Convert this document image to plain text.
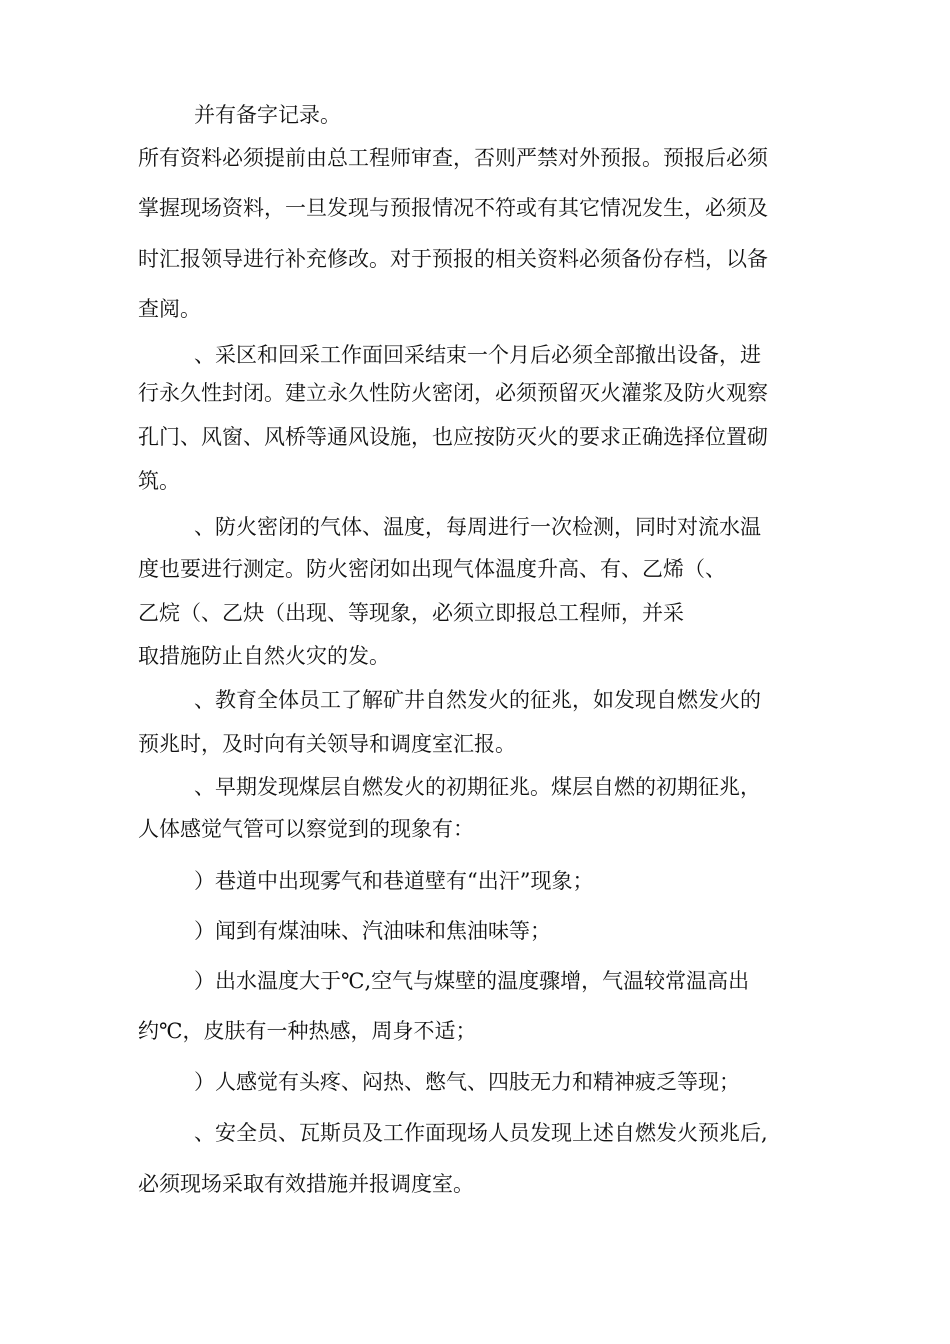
并有备字记录。

所有资料必须提前由总工程师审查，否则严禁对外预报。预报后必须

掌握现场资料，一旦发现与预报情况不符或有其它情况发生，必须及

时汇报领导进行补充修改。对于预报的相关资料必须备份存档，以备

查阅。

、采区和回采工作面回采结束一个月后必须全部撤出设备，进

行永久性封闭。建立永久性防火密闭，必须预留灭火灌浆及防火观察

孔门、风窗、风桥等通风设施，也应按防灭火的要求正确选择位置砌

筑。

、防火密闭的气体、温度，每周进行一次检测，同时对流水温

度也要进行测定。防火密闭如出现气体温度升高、有、乙烯（、

乙烷（、乙炔（出现、等现象，必须立即报总工程师，并采

取措施防止自然火灾的发。

、教育全体员工了解矿井自然发火的征兆，如发现自燃发火的

预兆时，及时向有关领导和调度室汇报。

、早期发现煤层自燃发火的初期征兆。煤层自燃的初期征兆，

人体感觉气管可以察觉到的现象有：

）巷道中出现雾气和巷道壁有“出汗”现象；

）闻到有煤油味、汽油味和焦油味等；

）出水温度大于℃,空气与煤壁的温度骤增，气温较常温高出

约℃，皮肤有一种热感，周身不适；

）人感觉有头疼、闷热、憋气、四肢无力和精神疲乏等现；

、安全员、瓦斯员及工作面现场人员发现上述自燃发火预兆后,

必须现场采取有效措施并报调度室。
